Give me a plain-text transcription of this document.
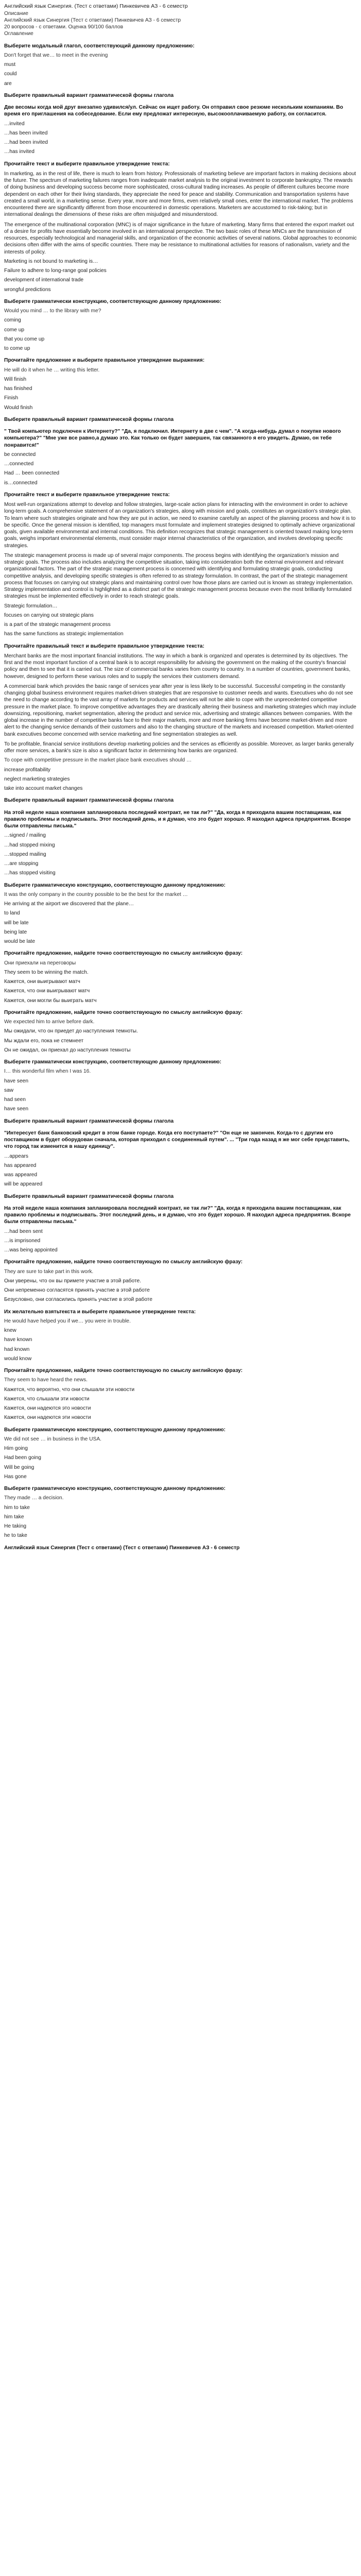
Английский язык Синергия. (Тест с ответами) Пинкевичев АЗ - 6 семестр

Описание

Английский язык Синергия (Тест с ответами) Пинкевичев АЗ - 6 семестр

20 вопросов - с ответами. Оценка 90/100 баллов

Оглавление

Выберите модальный глагол, соответствующий данному предложению:

Don't forget that we… to meet in the evening

must

could

are

Выберите правильный вариант грамматической формы глагола

Две весомы когда мой друг внезапно удивился/ул. Сейчас он ищет работу. Он отправил свое резюме нескольким компаниям. Во время его приглашения на собеседование. Если ему предложат интересную, высокооплачиваемую работу, он согласится.

…invited

…has been invited

…had been invited

…has invited

Прочитайте текст и выберите правильное утверждение текста:

In marketing, as in the rest of life, there is much to learn from history. Professionals of marketing believe are important factors in making decisions about the future. The spectrum of marketing failures ranges from inadequate market analysis to the original investment to corporate bankruptcy. The rewards of doing business and developing success become more sophisticated, cross-cultural trading increases. As people of different cultures become more dependent on each other for their living standards, they appreciate the need for peace and stability. Communication and transportation systems have created a small world, in a marketing sense. Every year, more and more firms, even relatively small ones, enter the international market. The problems encountered there are significantly different from those encountered in domestic operations. Marketers are accustomed to risk-taking; but in international dealings the dimensions of these risks are often misjudged and misunderstood.

The emergence of the multinational corporation (MNC) is of major significance in the future of marketing. Many firms that entered the export market out of a desire for profits have essentially become involved in an international perspective. The two basic roles of these MNCs are the transmission of resources, especially technological and managerial skills, and organization of the economic activities of several nations. Global approaches to economic decisions often differ with the aims of specific countries. There may be resistance to multinational activities for reasons of nationalism, variety and the interests of policy.

Marketing is not bound to marketing is…

Failure to adhere to long-range goal policies

development of international trade

wrongful predictions

Выберите грамматически конструкцию, соответствующую данному предложению:

Would you mind … to the library with me?

coming

come up

that you come up

to come up

Прочитайте предложение и выберите правильное утверждение выражения:

He will do it when he … writing this letter.

Will finish

has finished

Finish

Would finish

Выберите правильный вариант грамматической формы глагола

" Твой компьютер подключен к Интернету?" "Да, я подключил. Интернету в две с чем". "А когда-нибудь думал о покупке нового компьютера?" "Мне уже все равно,а думаю это. Как только он будет завершен, так связанного я его увидеть. Думаю, он тебе понравится!"

be connected

…connected

Had … been connected

is…connected

Прочитайте текст и выберите правильное утверждение текста:

Most well-run organizations attempt to develop and follow strategies, large-scale action plans for interacting with the environment in order to achieve long-term goals. A comprehensive statement of an organization's strategies, along with mission and goals, constitutes an organization's strategic plan. To learn where such strategies originate and how they are put in action, we need to examine carefully an aspect of the planning process and how it is to be specific. Once the general mission is identified, top managers must formulate and implement strategies designed to optimally achieve organizational goals, given available environmental and internal conditions. This definition recognizes that strategic management is oriented toward making long-term goals, weighs important environmental elements, must consider major internal characteristics of the organization, and involves developing specific strategies.

The strategic management process is made up of several major components. The process begins with identifying the organization's mission and strategic goals. The process also includes analyzing the competitive situation, taking into consideration both the external environment and relevant organizational factors. The part of the strategic management process is concerned with identifying and formulating strategic goals, conducting competitive analysis, and developing specific strategies is often referred to as strategy formulation. In contrast, the part of the strategic management process that focuses on carrying out strategic plans and maintaining control over how those plans are carried out is known as strategy implementation. Strategy implementation and control is highlighted as a distinct part of the strategic management process because even the most brilliantly formulated strategies must be implemented effectively in order to reach strategic goals.

Strategic formulation…

focuses on carrying out strategic plans

is a part of the strategic management process

has the same functions as strategic implementation

Прочитайте правильный текст и выберите правильное утверждение текста:

Merchant banks are the most important financial institutions. The way in which a bank is organized and operates is determined by its objectives. The first and the most important function of a central bank is to accept responsibility for advising the government on the making of the country's financial policy and then to see that it is carried out. The size of commercial banks varies from country to country. In a number of countries, government banks, however, designed to perform these various roles and to supply the services their customers demand.

A commercial bank which provides the basic range of services year after year is less likely to be successful. Successful competing in the constantly changing global business environment requires market-driven strategies that are responsive to customer needs and wants. Executives who do not see the need to change according to the vast array of markets for products and services will not be able to cope with the unprecedented competitive pressure in the market place. To improve competitive advantages they are drastically altering their business and marketing strategies which may include downsizing, repositioning, market segmentation, altering the product and service mix, advertising and strategic alliances between companies. With the global increase in the number of competitive banks face to their major markets, more and more banking firms have become market-driven and more alert to the changing service demands of their customers and also to the changing structure of the markets and increased competition. Market-oriented bank executives become concerned with service marketing and fine segmentation strategies as well.

To be profitable, financial service institutions develop marketing policies and the services as efficiently as possible. Moreover, as larger banks generally offer more services, a bank's size is also a significant factor in determining how banks are organized.

To cope with competitive pressure in the market place bank executives should …

increase profitability

neglect marketing strategies

take into account market changes

Выберите правильный вариант грамматической формы глагола

На этой неделе наша компания запланировала последний контракт, не так ли?" "Да, когда я приходила вашим поставщикам, как правило проблемы и подписывать. Этот последний день, и я думаю, что это будет хорошо. Я находил адреса предприятия. Вскоре были отправлены письма."

…signed / mailing

…had stopped mixing

…stopped mailing

…are stopping

…has stopped visiting

Выберите грамматическую конструкцию, соответствующую данному предложению:

It was the only company in the country possible to be the best for the market …

He arriving at the airport we discovered that the plane…

to land

will be late

being late

would be late

Прочитайте предложение, найдите точно соответствующую по смыслу английскую фразу:

Они приехали на переговоры

They seem to be winning the match.

Кажется, они выигрывают матч

Кажется, что они выигрывают матч

Кажется, они могли бы выиграть матч

Прочитайте предложение, найдите точно соответствующую по смыслу английскую фразу:

We expected him to arrive before dark.

Мы ожидали, что он приедет до наступления темноты.

Мы ждали его, пока не стемнеет

Он не ожидал, он приехал до наступления темноты

Выберите грамматически конструкцию, соответствующую данному предложению:

I… this wonderful film when I was 16.

have seen

saw

had seen

have seen

Выберите правильный вариант грамматической формы глагола

"Интересует банк банковский кредит в этом банке городе. Когда его поступаете?" "Он еще не закончен. Когда-то с другим его поставщиком в будет оборудован сначала, которая приходил с соединенный путем". ... "Три года назад я же мог себе представить, что город так изменится в нашу единицу".

…appears

has appeared

was appeared

will be appeared

Выберите правильный вариант грамматической формы глагола

На этой неделе наша компания запланировала последний контракт, не так ли?" "Да, когда я приходила вашим поставщикам, как правило проблемы и подписывать. Этот последний день, и я думаю, что это будет хорошо. Я находил адреса предприятия. Вскоре были отправлены письма."

…had been sent

…is imprisoned

…was being appointed

Прочитайте предложение, найдите точно соответствующую по смыслу английскую фразу:

They are sure to take part in this work.

Они уверены, что он вы примете участие в этой работе.

Они непременно согласятся принять участие в этой работе

Безусловно, они согласились принять участие в этой работе

Их желательно взятьтекста и выберите правильное утверждение текста:

He would have helped you if we… you were in trouble.

knew

have known

had known

would know

Прочитайте предложение, найдите точно соответствующую по смыслу английскую фразу:

They seem to have heard the news.

Кажется, что вероятно, что они слышали эти новости

Кажется, что слышали эти новости

Кажется, они надеются это новости

Кажется, они надеются эти новости

Выберите грамматическую конструкцию, соответствующую данному предложению:

We did not see … in business in the USA.

Him going

Had been going

Will be going

Has gone

Выберите грамматическую конструкцию, соответствующую данному предложению:

They made … a decision.

him to take

him take

He taking

he to take

Английский язык Синергия (Тест с ответами) (Тест с ответами) Пинкевичев АЗ - 6 семестр
